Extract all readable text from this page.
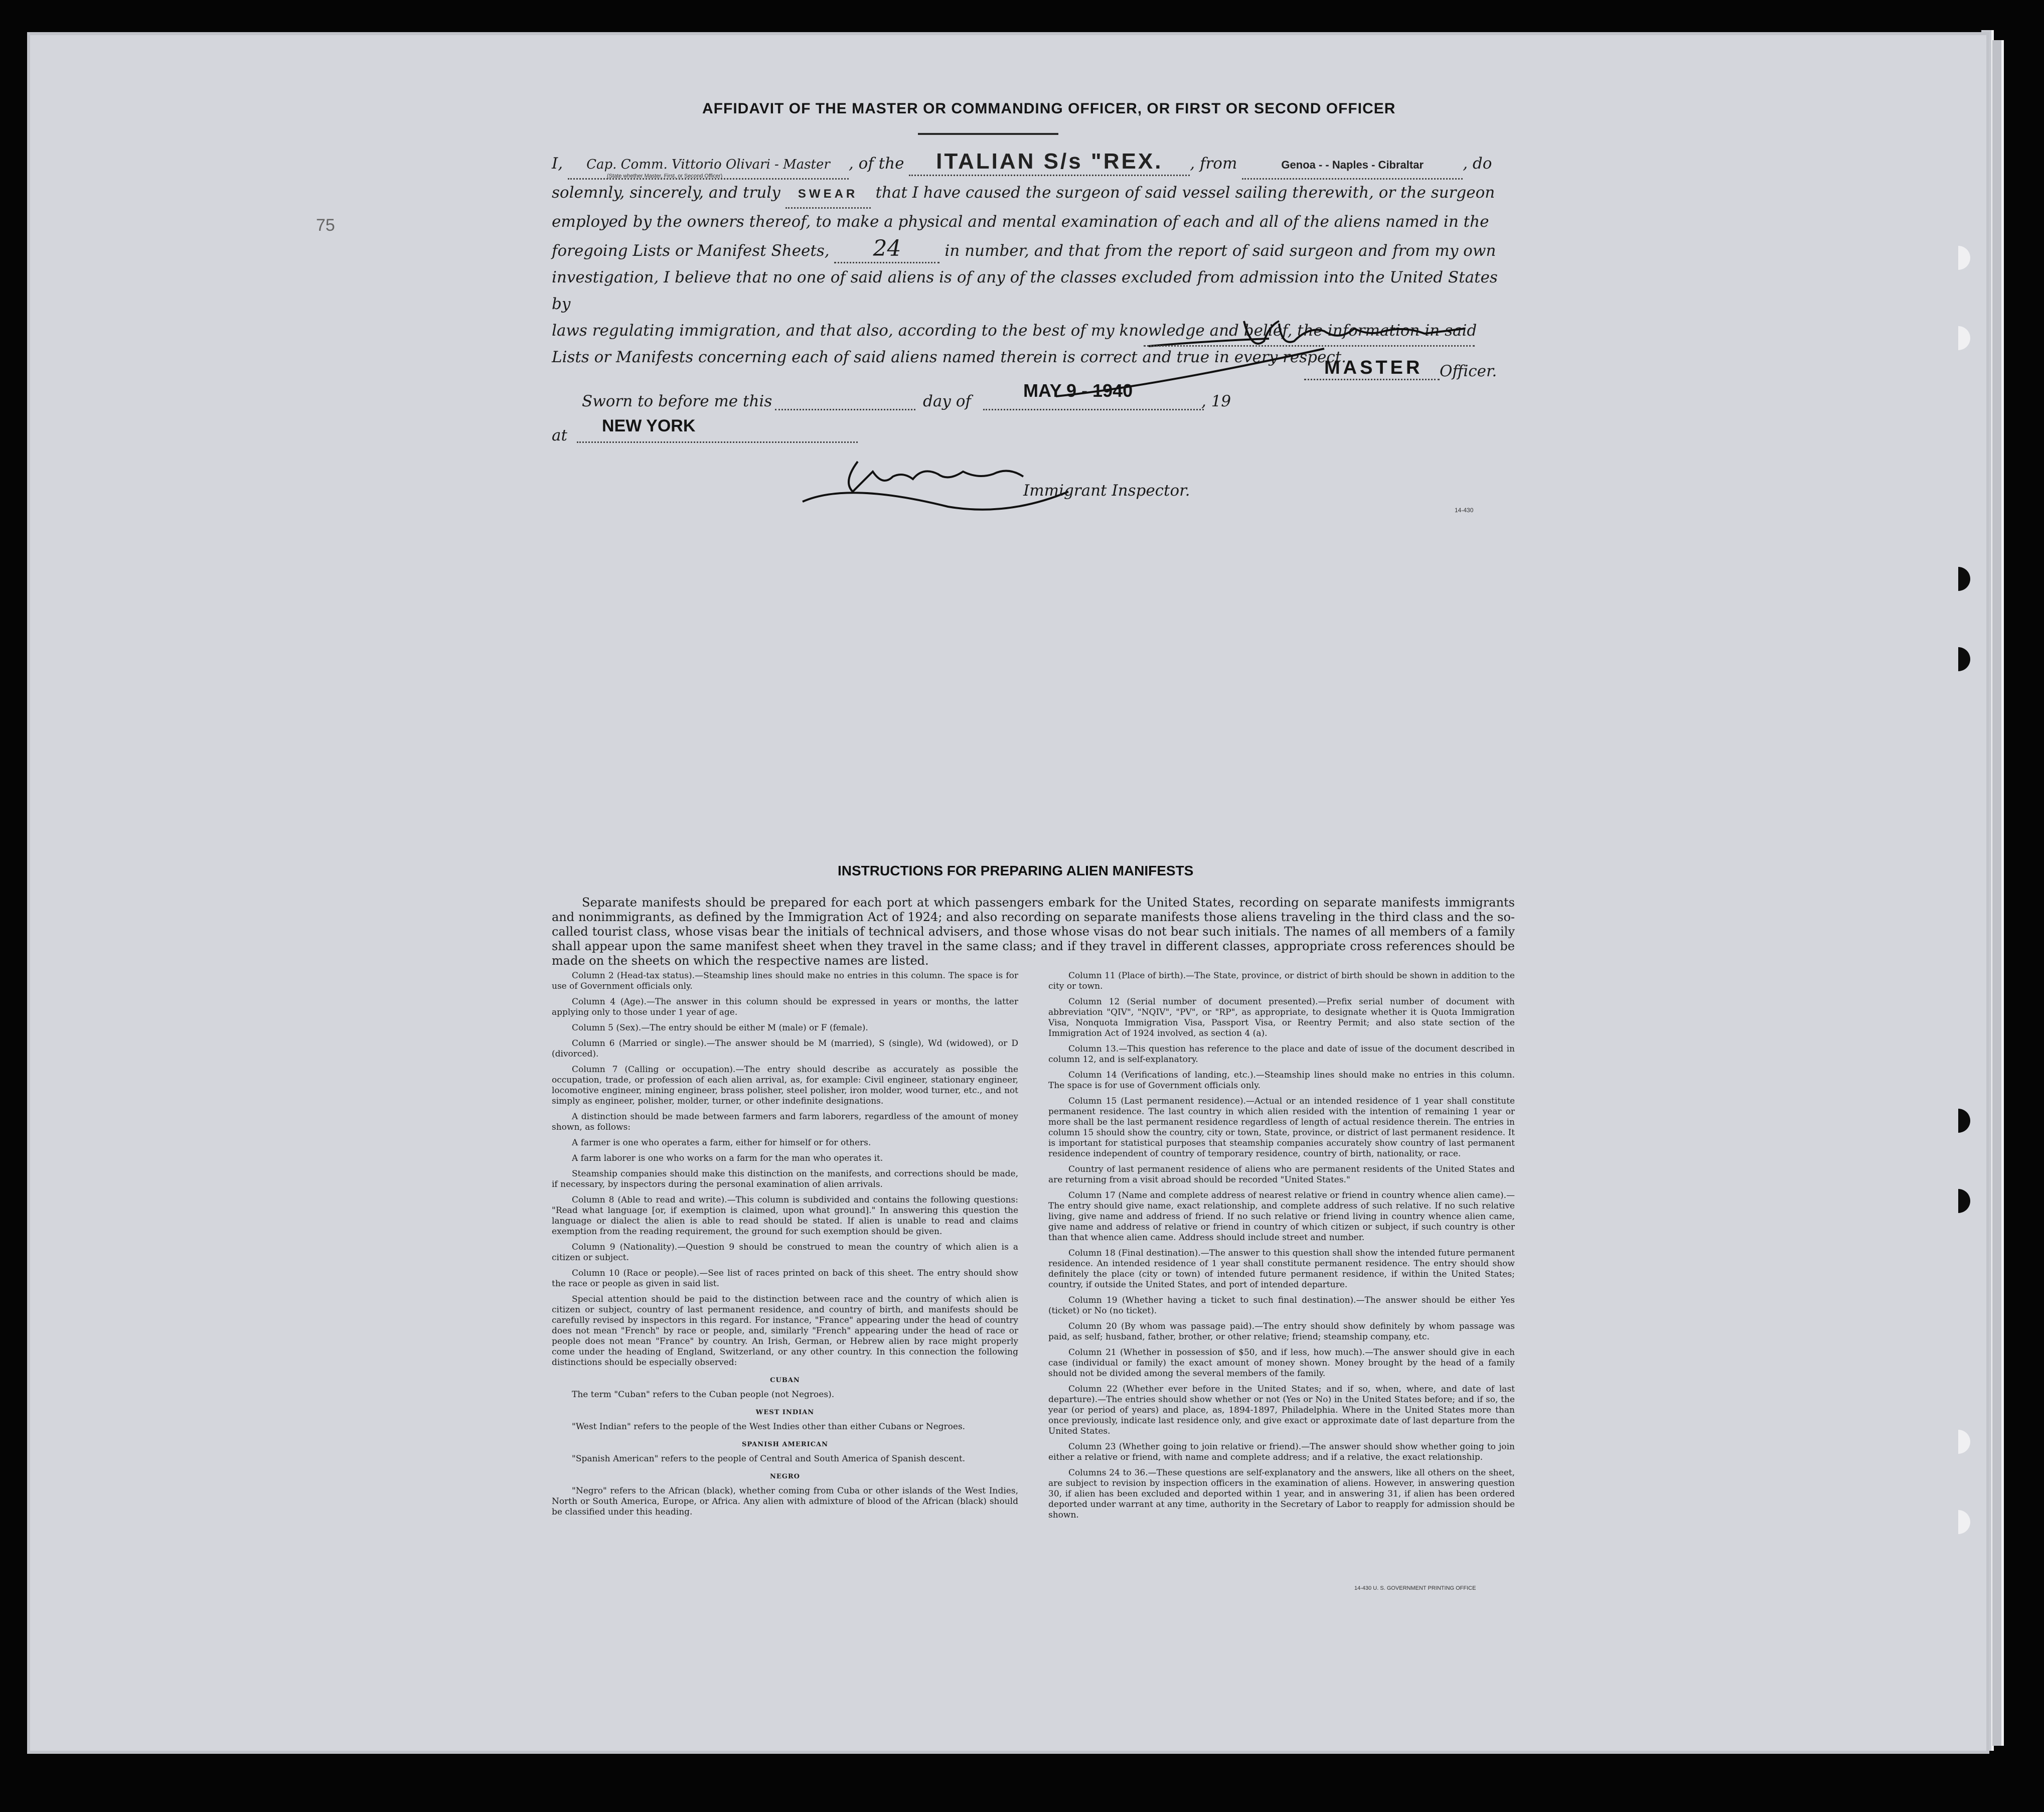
75
AFFIDAVIT OF THE MASTER OR COMMANDING OFFICER, OR FIRST OR SECOND OFFICER
I, Cap. Comm. Vittorio Olivari - Master , of the ITALIAN S/s "REX. , from	Genoa - - Naples - Cibraltar	, do
solemnly, sincerely, and truly SWEAR that I have caused the surgeon of said vessel sailing therewith, or the surgeon
employed by the owners thereof, to make a physical and mental examination of each and all of the aliens named in the
foregoing Lists or Manifest Sheets, 24	in number, and that from the report of said surgeon and from my own
investigation, I believe that no one of said aliens is of any of the classes excluded from admission into the United States by
laws regulating immigration, and that also, according to the best of my knowledge and belief, the information in said
Lists or Manifests concerning each of said aliens named therein is correct and true in every respect.
(State whether Master, First, or Second Officer)
MASTER Officer.
Sworn to before me this	day of
MAY 9 - 1940
, 19
at NEW YORK
Immigrant Inspector.
14-430
INSTRUCTIONS FOR PREPARING ALIEN MANIFESTS
Separate manifests should be prepared for each port at which passengers embark for the United States, recording on separate manifests immigrants and nonimmigrants, as defined by the Immigration Act of 1924; and also recording on separate manifests those aliens traveling in the third class and the so-called tourist class, whose visas bear the initials of technical advisers, and those whose visas do not bear such initials. The names of all members of a family shall appear upon the same manifest sheet when they travel in the same class; and if they travel in different classes, appropriate cross references should be made on the sheets on which the respective names are listed.

Column 2 (Head-tax status).—Steamship lines should make no entries in this column. The space is for use of Government officials only.

Column 4 (Age).—The answer in this column should be expressed in years or months, the latter applying only to those under 1 year of age.

Column 5 (Sex).—The entry should be either M (male) or F (female).

Column 6 (Married or single).—The answer should be M (married), S (single), Wd (widowed), or D (divorced).

Column 7 (Calling or occupation).—The entry should describe as accurately as possible the occupation, trade, or profession of each alien arrival, as, for example: Civil engineer, stationary engineer, locomotive engineer, mining engineer, brass polisher, steel polisher, iron molder, wood turner, etc., and not simply as engineer, polisher, molder, turner, or other indefinite designations.

A distinction should be made between farmers and farm laborers, regardless of the amount of money shown, as follows:

A farmer is one who operates a farm, either for himself or for others.

A farm laborer is one who works on a farm for the man who operates it.

Steamship companies should make this distinction on the manifests, and corrections should be made, if necessary, by inspectors during the personal examination of alien arrivals.

Column 8 (Able to read and write).—This column is subdivided and contains the following questions: "Read what language [or, if exemption is claimed, upon what ground]." In answering this question the language or dialect the alien is able to read should be stated. If alien is unable to read and claims exemption from the reading requirement, the ground for such exemption should be given.

Column 9 (Nationality).—Question 9 should be construed to mean the country of which alien is a citizen or subject.

Column 10 (Race or people).—See list of races printed on back of this sheet. The entry should show the race or people as given in said list.

Special attention should be paid to the distinction between race and the country of which alien is citizen or subject, country of last permanent residence, and country of birth, and manifests should be carefully revised by inspectors in this regard. For instance, "France" appearing under the head of country does not mean "French" by race or people, and, similarly "French" appearing under the head of race or people does not mean "France" by country. An Irish, German, or Hebrew alien by race might properly come under the heading of England, Switzerland, or any other country. In this connection the following distinctions should be especially observed:

CUBAN

The term "Cuban" refers to the Cuban people (not Negroes).

WEST INDIAN

"West Indian" refers to the people of the West Indies other than either Cubans or Negroes.

SPANISH AMERICAN

"Spanish American" refers to the people of Central and South America of Spanish descent.

NEGRO

"Negro" refers to the African (black), whether coming from Cuba or other islands of the West Indies, North or South America, Europe, or Africa. Any alien with admixture of blood of the African (black) should be classified under this heading.

Column 11 (Place of birth).—The State, province, or district of birth should be shown in addition to the city or town.

Column 12 (Serial number of document presented).—Prefix serial number of document with abbreviation "QIV", "NQIV", "PV", or "RP", as appropriate, to designate whether it is Quota Immigration Visa, Nonquota Immigration Visa, Passport Visa, or Reentry Permit; and also state section of the Immigration Act of 1924 involved, as section 4 (a).

Column 13.—This question has reference to the place and date of issue of the document described in column 12, and is self-explanatory.

Column 14 (Verifications of landing, etc.).—Steamship lines should make no entries in this column. The space is for use of Government officials only.

Column 15 (Last permanent residence).—Actual or an intended residence of 1 year shall constitute permanent residence. The last country in which alien resided with the intention of remaining 1 year or more shall be the last permanent residence regardless of length of actual residence therein. The entries in column 15 should show the country, city or town, State, province, or district of last permanent residence. It is important for statistical purposes that steamship companies accurately show country of last permanent residence independent of country of temporary residence, country of birth, nationality, or race.

Country of last permanent residence of aliens who are permanent residents of the United States and are returning from a visit abroad should be recorded "United States."

Column 17 (Name and complete address of nearest relative or friend in country whence alien came).—The entry should give name, exact relationship, and complete address of such relative. If no such relative living, give name and address of friend. If no such relative or friend living in country whence alien came, give name and address of relative or friend in country of which citizen or subject, if such country is other than that whence alien came. Address should include street and number.

Column 18 (Final destination).—The answer to this question shall show the intended future permanent residence. An intended residence of 1 year shall constitute permanent residence. The entry should show definitely the place (city or town) of intended future permanent residence, if within the United States; country, if outside the United States, and port of intended departure.

Column 19 (Whether having a ticket to such final destination).—The answer should be either Yes (ticket) or No (no ticket).

Column 20 (By whom was passage paid).—The entry should show definitely by whom passage was paid, as self; husband, father, brother, or other relative; friend; steamship company, etc.

Column 21 (Whether in possession of $50, and if less, how much).—The answer should give in each case (individual or family) the exact amount of money shown. Money brought by the head of a family should not be divided among the several members of the family.

Column 22 (Whether ever before in the United States; and if so, when, where, and date of last departure).—The entries should show whether or not (Yes or No) in the United States before; and if so, the year (or period of years) and place, as, 1894-1897, Philadelphia. Where in the United States more than once previously, indicate last residence only, and give exact or approximate date of last departure from the United States.

Column 23 (Whether going to join relative or friend).—The answer should show whether going to join either a relative or friend, with name and complete address; and if a relative, the exact relationship.

Columns 24 to 36.—These questions are self-explanatory and the answers, like all others on the sheet, are subject to revision by inspection officers in the examination of aliens. However, in answering question 30, if alien has been excluded and deported within 1 year, and in answering 31, if alien has been ordered deported under warrant at any time, authority in the Secretary of Labor to reapply for admission should be shown.

14-430 U. S. GOVERNMENT PRINTING OFFICE
